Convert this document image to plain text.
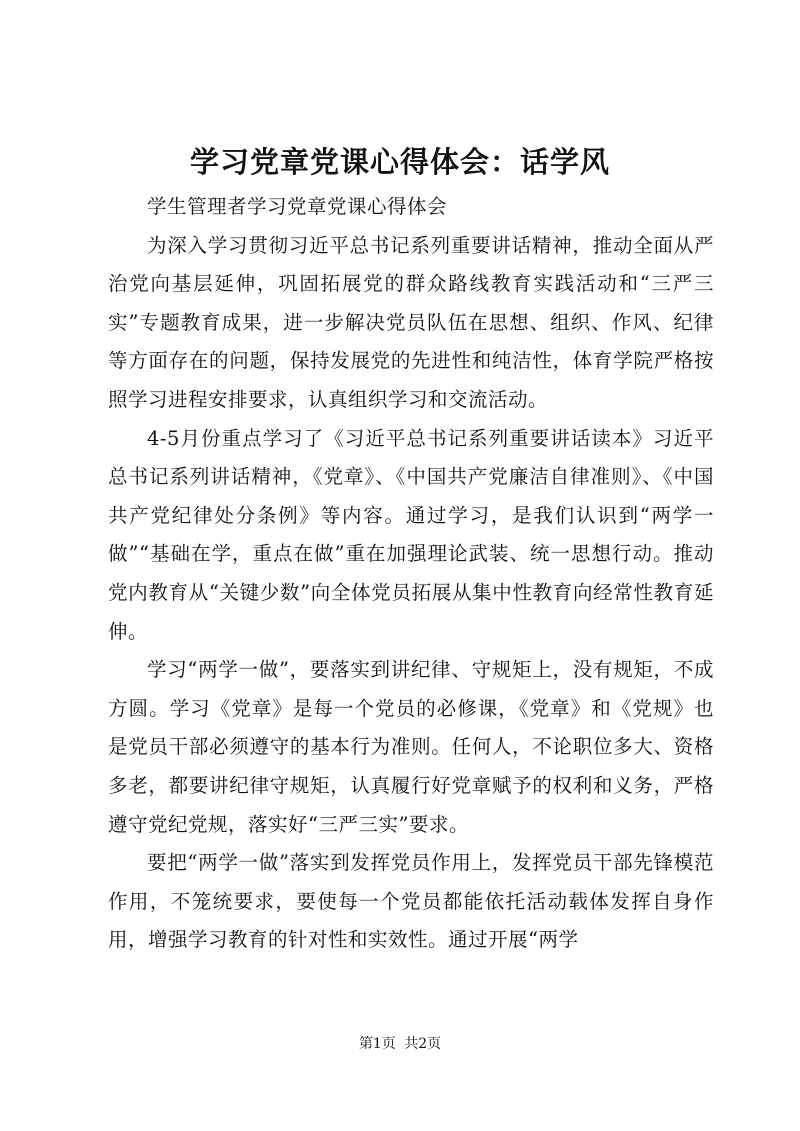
学习党章党课心得体会：话学风

学生管理者学习党章党课心得体会

为深入学习贯彻习近平总书记系列重要讲话精神，推动全面从严治党向基层延伸，巩固拓展党的群众路线教育实践活动和“三严三实”专题教育成果，进一步解决党员队伍在思想、组织、作风、纪律等方面存在的问题，保持发展党的先进性和纯洁性，体育学院严格按照学习进程安排要求，认真组织学习和交流活动。

4-5月份重点学习了《习近平总书记系列重要讲话读本》习近平总书记系列讲话精神，《党章》、《中国共产党廉洁自律准则》、《中国共产党纪律处分条例》等内容。通过学习，是我们认识到“两学一做”“基础在学，重点在做”重在加强理论武装、统一思想行动。推动党内教育从“关键少数”向全体党员拓展从集中性教育向经常性教育延伸。

学习“两学一做”，要落实到讲纪律、守规矩上，没有规矩，不成方圆。学习《党章》是每一个党员的必修课，《党章》和《党规》也是党员干部必须遵守的基本行为准则。任何人，不论职位多大、资格多老，都要讲纪律守规矩，认真履行好党章赋予的权利和义务，严格遵守党纪党规，落实好“三严三实”要求。

要把“两学一做”落实到发挥党员作用上，发挥党员干部先锋模范作用，不笼统要求，要使每一个党员都能依托活动载体发挥自身作用，增强学习教育的针对性和实效性。通过开展“两学

第1页 共2页
